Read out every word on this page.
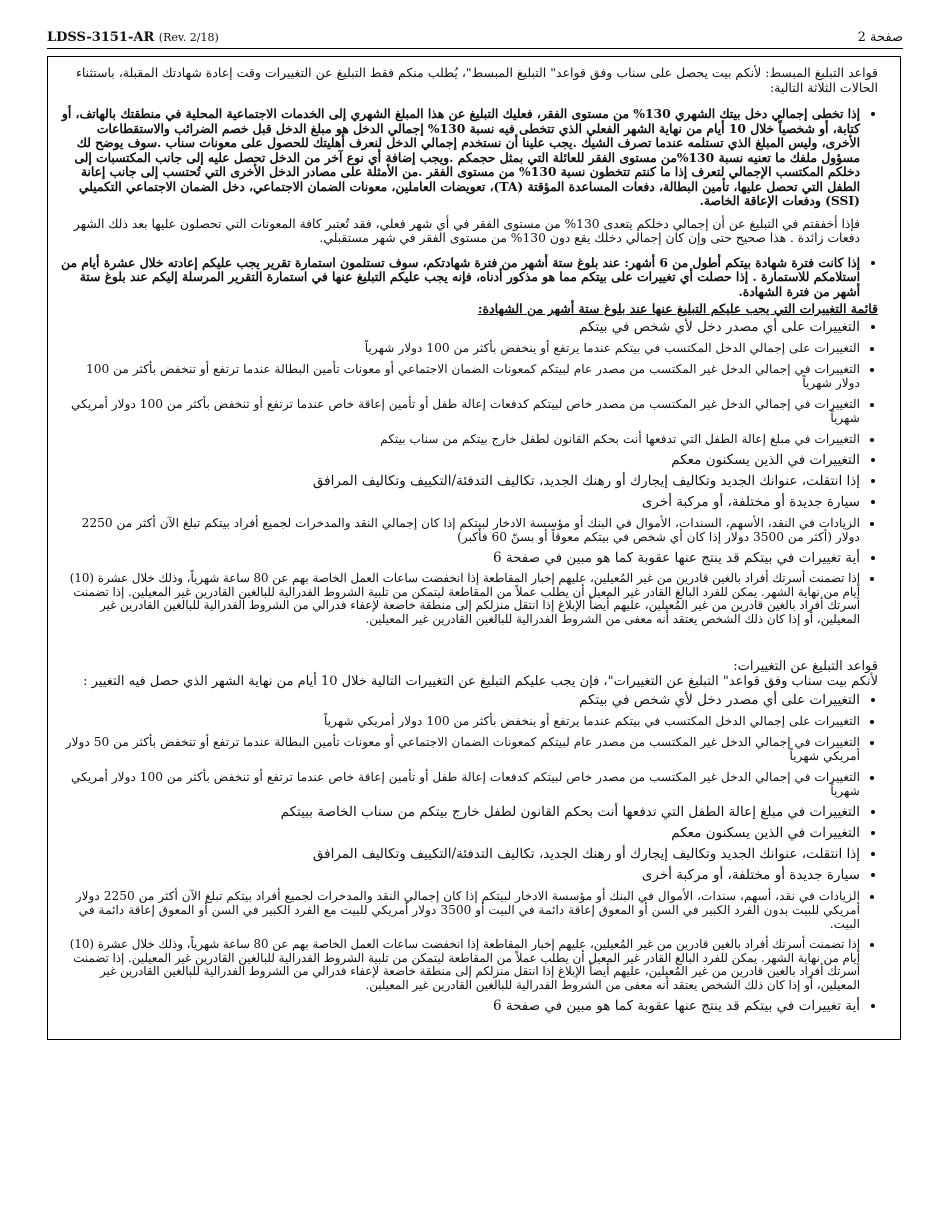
LDSS-3151-AR (Rev. 2/18)	صفحة 2

قواعد التبليغ المبسط: لأنكم بيت يحصل على سناب وفق قواعد" التبليغ المبسط"، يُطلب منكم فقط التبليغ عن التغييرات وقت إعادة شهادتك المقبلة، باستثناء الحالات الثلاثة التالية:

• إذا تخطى إجمالي دخل بيتك الشهري 130% من مستوى الفقر، فعليك التبليغ عن هذا المبلغ الشهري إلى الخدمات الاجتماعية المحلية في منطقتك بالهاتف، أو كتابة، أو شخصياً خلال 10 أيام من نهاية الشهر الفعلي الذي تتخطى فيه نسبة 130% إجمالي الدخل هو مبلغ الدخل قبل خصم الضرائب والاستقطاعات الأخرى، وليس المبلغ الذي تستلمه عندما تصرف الشيك .يجب علينا أن نستخدم إجمالي الدخل لنعرف أهليتك للحصول على معونات سناب .سوف يوضح لك مسؤول ملفك ما تعنيه نسبة 130%من مستوى الفقر للعائلة التي بمثل حجمكم .ويجب إضافة أي نوع آخر من الدخل تحصل عليه إلى جانب المكتسبات إلى دخلكم المكتسب الإجمالي لتعرف إذا ما كنتم تتخطون نسبة 130% من مستوى الفقر .من الأمثلة على مصادر الدخل الأخرى التي تُحتسب إلى جانب إعانة الطفل التي تحصل عليها، تأمين البطالة، دفعات المساعدة المؤقتة (TA)، تعويضات العاملين، معونات الضمان الاجتماعي، دخل الضمان الاجتماعي التكميلي (SSI) ودفعات الإعاقة الخاصة.

فإذا أخفقتم في التبليغ عن أن إجمالي دخلكم يتعدى 130% من مستوى الفقر في أي شهر فعلي، فقد تُعتبر كافة المعونات التي تحصلون عليها بعد ذلك الشهر دفعات زائدة . هذا صحيح حتى وإن كان إجمالي دخلك يقع دون 130% من مستوى الفقر في شهر مستقبلي.

• إذا كانت فترة شهادة بيتكم أطول من 6 أشهر: عند بلوغ ستة أشهر من فترة شهادتكم، سوف تستلمون استمارة تقرير يجب عليكم إعادته خلال عشرة أيام من استلامكم للاستمارة . إذا حصلت أي تغييرات على بيتكم مما هو مذكور أدناه، فإنه يجب عليكم التبليغ عنها في استمارة التقرير المرسلة إليكم عند بلوغ ستة أشهر من فترة الشهادة.

قائمة التغييرات التي يجب عليكم التبليغ عنها عند بلوغ ستة أشهر من الشهادة:

• التغييرات على أي مصدر دخل لأي شخص في بيتكم
• التغييرات على إجمالي الدخل المكتسب في بيتكم عندما يرتفع أو ينخفض بأكثر من 100 دولار شهرياً
• التغييرات في إجمالي الدخل غير المكتسب من مصدر عام لبيتكم كمعونات الضمان الاجتماعي أو معونات تأمين البطالة عندما ترتفع أو تنخفض بأكثر من 100 دولار شهرياً
• التغييرات في إجمالي الدخل غير المكتسب من مصدر خاص لبيتكم كدفعات إعالة طفل أو تأمين إعاقة خاص عندما ترتفع أو تنخفض بأكثر من 100 دولار أمريكي شهرياً
• التغييرات في مبلغ إعالة الطفل التي تدفعها أنت بحكم القانون لطفل خارج بيتكم من سناب بيتكم
• التغييرات في الذين يسكنون معكم
• إذا انتقلت، عنوانك الجديد وتكاليف إيجارك أو رهنك الجديد، تكاليف التدفئة/التكييف وتكاليف المرافق
• سيارة جديدة أو مختلفة، أو مركبة أخرى
• الزيادات في النقد، الأسهم، السندات، الأموال في البنك أو مؤسسة الادخار لبيتكم إذا كان إجمالي النقد والمدخرات لجميع أفراد بيتكم تبلغ الآن أكثر من 2250 دولار (أكثر من 3500 دولار إذا كان أي شخص في بيتكم معوقاً أو بسنّ 60 فأكبر)
• أية تغييرات في بيتكم قد ينتج عنها عقوبة كما هو مبين في صفحة 6
• إذا تضمنت أسرتك أفراد بالغين قادرين من غير المُعيلين، عليهم إخبار المقاطعة إذا انخفضت ساعات العمل الخاصة بهم عن 80 ساعة شهرياً، وذلك خلال عشرة (10) أيام من نهاية الشهر. يمكن للفرد البالغ القادر غير المعيل أن يطلب عملاً من المقاطعة ليتمكن من تلبية الشروط الفدرالية للبالغين القادرين غير المعيلين. إذا تضمنت أسرتك أفراد بالغين قادرين من غير المُعيلين، عليهم أيضاً الإبلاغ إذا انتقل منزلكم إلى منطقة خاضعة لإعفاء فدرالي من الشروط الفدرالية للبالغين القادرين غير المعيلين، أو إذا كان ذلك الشخص يعتقد أنه معفى من الشروط الفدرالية للبالغين القادرين غير المعيلين.

قواعد التبليغ عن التغييرات:

لأنكم بيت سناب وفق قواعد" التبليغ عن التغييرات"، فإن يجب عليكم التبليغ عن التغييرات التالية خلال 10 أيام من نهاية الشهر الذي حصل فيه التغيير :

• التغييرات على أي مصدر دخل لأي شخص في بيتكم
• التغييرات على إجمالي الدخل المكتسب في بيتكم عندما يرتفع أو ينخفض بأكثر من 100 دولار أمريكي شهرياً
• التغييرات في إجمالي الدخل غير المكتسب من مصدر عام لبيتكم كمعونات الضمان الاجتماعي أو معونات تأمين البطالة عندما ترتفع أو تنخفض بأكثر من 50 دولار أمريكي شهرياً
• التغييرات في إجمالي الدخل غير المكتسب من مصدر خاص لبيتكم كدفعات إعالة طفل أو تأمين إعاقة خاص عندما ترتفع أو تنخفض بأكثر من 100 دولار أمريكي شهرياً
• التغييرات في مبلغ إعالة الطفل التي تدفعها أنت بحكم القانون لطفل خارج بيتكم من سناب الخاصة ببيتكم
• التغييرات في الذين يسكنون معكم
• إذا انتقلت، عنوانك الجديد وتكاليف إيجارك أو رهنك الجديد، تكاليف التدفئة/التكييف وتكاليف المرافق
• سيارة جديدة أو مختلفة، أو مركبة أخرى
• الزيادات في نقد، أسهم، سندات، الأموال في البنك أو مؤسسة الادخار لبيتكم إذا كان إجمالي النقد والمدخرات لجميع أفراد بيتكم تبلغ الآن أكثر من 2250 دولار أمريكي للبيت بدون الفرد الكبير في السن أو المعوق إعاقة دائمة في البيت أو 3500 دولار أمريكي للبيت مع الفرد الكبير في السن أو المعوق إعاقة دائمة في البيت.
• إذا تضمنت أسرتك أفراد بالغين قادرين من غير المُعيلين، عليهم إخبار المقاطعة إذا انخفضت ساعات العمل الخاصة بهم عن 80 ساعة شهرياً، وذلك خلال عشرة (10) أيام من نهاية الشهر. يمكن للفرد البالغ القادر غير المعيل أن يطلب عملاً من المقاطعة ليتمكن من تلبية الشروط الفدرالية للبالغين القادرين غير المعيلين. إذا تضمنت أسرتك أفراد بالغين قادرين من غير المُعيلين، عليهم أيضاً الإبلاغ إذا انتقل منزلكم إلى منطقة خاضعة لإعفاء فدرالي من الشروط الفدرالية للبالغين القادرين غير المعيلين، أو إذا كان ذلك الشخص يعتقد أنه معفى من الشروط الفدرالية للبالغين القادرين غير المعيلين.
• أية تغييرات في بيتكم قد ينتج عنها عقوبة كما هو مبين في صفحة 6
